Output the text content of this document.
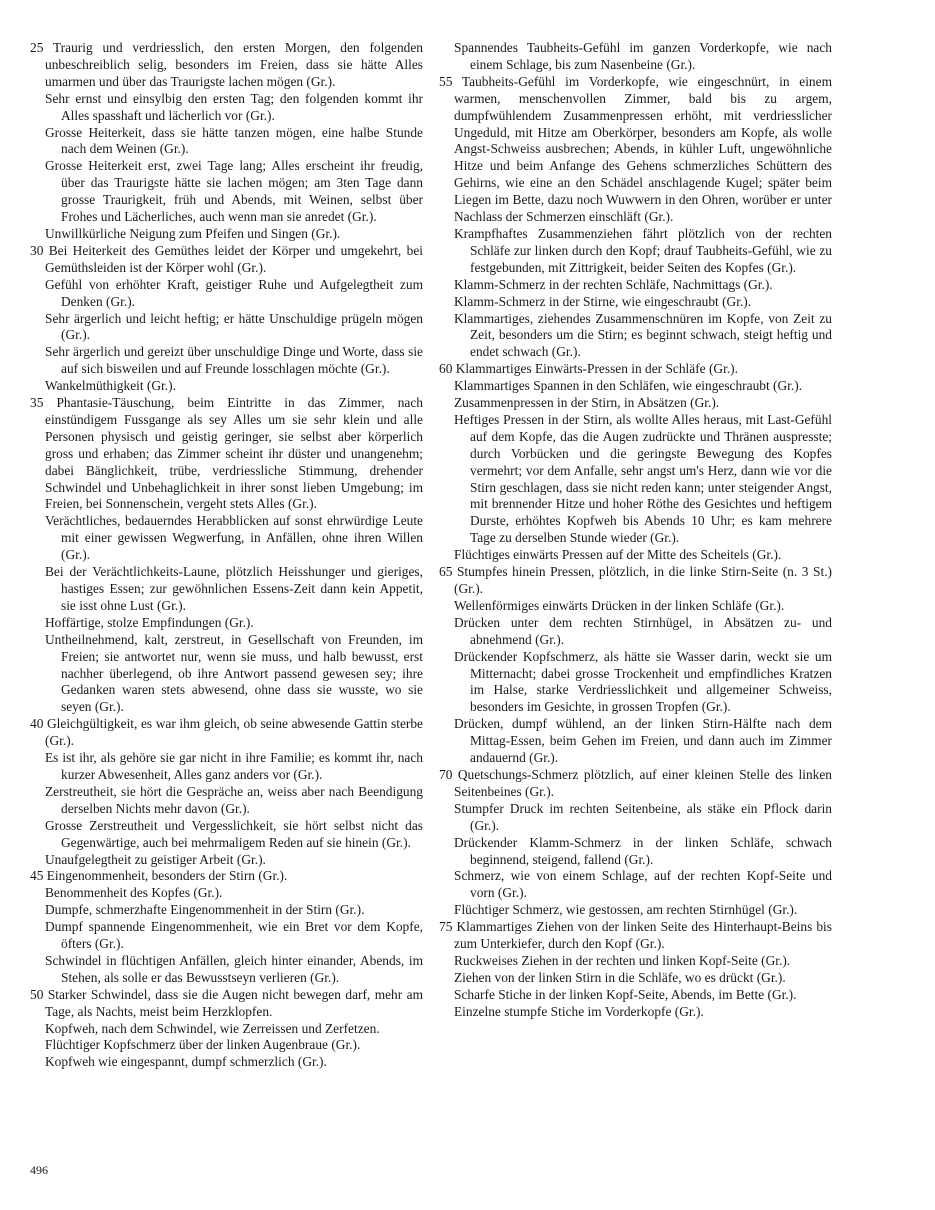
25 Traurig und verdriesslich, den ersten Morgen, den folgenden unbeschreiblich selig, besonders im Freien, dass sie hätte Alles umarmen und über das Traurigste lachen mögen (Gr.).

Sehr ernst und einsylbig den ersten Tag; den folgenden kommt ihr Alles spasshaft und lächerlich vor (Gr.).

Grosse Heiterkeit, dass sie hätte tanzen mögen, eine halbe Stunde nach dem Weinen (Gr.).

Grosse Heiterkeit erst, zwei Tage lang; Alles erscheint ihr freudig, über das Traurigste hätte sie lachen mögen; am 3ten Tage dann grosse Traurigkeit, früh und Abends, mit Weinen, selbst über Frohes und Lächerliches, auch wenn man sie anredet (Gr.).

Unwillkürliche Neigung zum Pfeifen und Singen (Gr.).

30 Bei Heiterkeit des Gemüthes leidet der Körper und umgekehrt, bei Gemüthsleiden ist der Körper wohl (Gr.).

Gefühl von erhöhter Kraft, geistiger Ruhe und Aufgelegtheit zum Denken (Gr.).

Sehr ärgerlich und leicht heftig; er hätte Unschuldige prügeln mögen (Gr.).

Sehr ärgerlich und gereizt über unschuldige Dinge und Worte, dass sie auf sich bisweilen und auf Freunde losschlagen möchte (Gr.).

Wankelmüthigkeit (Gr.).

35 Phantasie-Täuschung, beim Eintritte in das Zimmer, nach einstündigem Fussgange als sey Alles um sie sehr klein und alle Personen physisch und geistig geringer, sie selbst aber körperlich gross und erhaben; das Zimmer scheint ihr düster und unangenehm; dabei Bänglichkeit, trübe, verdriessliche Stimmung, drehender Schwindel und Unbehaglichkeit in ihrer sonst lieben Umgebung; im Freien, bei Sonnenschein, vergeht stets Alles (Gr.).

Verächtliches, bedauerndes Herabblicken auf sonst ehrwürdige Leute mit einer gewissen Wegwerfung, in Anfällen, ohne ihren Willen (Gr.).

Bei der Verächtlichkeits-Laune, plötzlich Heisshunger und gieriges, hastiges Essen; zur gewöhnlichen Essens-Zeit dann kein Appetit, sie isst ohne Lust (Gr.).

Hoffärtige, stolze Empfindungen (Gr.).

Untheilnehmend, kalt, zerstreut, in Gesellschaft von Freunden, im Freien; sie antwortet nur, wenn sie muss, und halb bewusst, erst nachher überlegend, ob ihre Antwort passend gewesen sey; ihre Gedanken waren stets abwesend, ohne dass sie wusste, wo sie seyen (Gr.).

40 Gleichgültigkeit, es war ihm gleich, ob seine abwesende Gattin sterbe (Gr.).

Es ist ihr, als gehöre sie gar nicht in ihre Familie; es kommt ihr, nach kurzer Abwesenheit, Alles ganz anders vor (Gr.).

Zerstreutheit, sie hört die Gespräche an, weiss aber nach Beendigung derselben Nichts mehr davon (Gr.).

Grosse Zerstreutheit und Vergesslichkeit, sie hört selbst nicht das Gegenwärtige, auch bei mehrmaligem Reden auf sie hinein (Gr.).

Unaufgelegtheit zu geistiger Arbeit (Gr.).

45 Eingenommenheit, besonders der Stirn (Gr.).

Benommenheit des Kopfes (Gr.).

Dumpfe, schmerzhafte Eingenommenheit in der Stirn (Gr.).

Dumpf spannende Eingenommenheit, wie ein Bret vor dem Kopfe, öfters (Gr.).

Schwindel in flüchtigen Anfällen, gleich hinter einander, Abends, im Stehen, als solle er das Bewusstseyn verlieren (Gr.).

50 Starker Schwindel, dass sie die Augen nicht bewegen darf, mehr am Tage, als Nachts, meist beim Herzklopfen.

Kopfweh, nach dem Schwindel, wie Zerreissen und Zerfetzen.

Flüchtiger Kopfschmerz über der linken Augenbraue (Gr.).

Kopfweh wie eingespannt, dumpf schmerzlich (Gr.).

Spannendes Taubheits-Gefühl im ganzen Vorderkopfe, wie nach einem Schlage, bis zum Nasenbeine (Gr.).

55 Taubheits-Gefühl im Vorderkopfe, wie eingeschnürt, in einem warmen, menschenvollen Zimmer, bald bis zu argem, dumpfwühlendem Zusammenpressen erhöht, mit verdriesslicher Ungeduld, mit Hitze am Oberkörper, besonders am Kopfe, als wolle Angst-Schweiss ausbrechen; Abends, in kühler Luft, ungewöhnliche Hitze und beim Anfange des Gehens schmerzliches Schüttern des Gehirns, wie eine an den Schädel anschlagende Kugel; später beim Liegen im Bette, dazu noch Wuwwern in den Ohren, worüber er unter Nachlass der Schmerzen einschläft (Gr.).

Krampfhaftes Zusammenziehen fährt plötzlich von der rechten Schläfe zur linken durch den Kopf; drauf Taubheits-Gefühl, wie zu festgebunden, mit Zittrigkeit, beider Seiten des Kopfes (Gr.).

Klamm-Schmerz in der rechten Schläfe, Nachmittags (Gr.).

Klamm-Schmerz in der Stirne, wie eingeschraubt (Gr.).

Klammartiges, ziehendes Zusammenschnüren im Kopfe, von Zeit zu Zeit, besonders um die Stirn; es beginnt schwach, steigt heftig und endet schwach (Gr.).

60 Klammartiges Einwärts-Pressen in der Schläfe (Gr.).

Klammartiges Spannen in den Schläfen, wie eingeschraubt (Gr.).

Zusammenpressen in der Stirn, in Absätzen (Gr.).

Heftiges Pressen in der Stirn, als wollte Alles heraus, mit Last-Gefühl auf dem Kopfe, das die Augen zudrückte und Thränen auspresste; durch Vorbücken und die geringste Bewegung des Kopfes vermehrt; vor dem Anfalle, sehr angst um's Herz, dann wie vor die Stirn geschlagen, dass sie nicht reden kann; unter steigender Angst, mit brennender Hitze und hoher Röthe des Gesichtes und heftigem Durste, erhöhtes Kopfweh bis Abends 10 Uhr; es kam mehrere Tage zu derselben Stunde wieder (Gr.).

Flüchtiges einwärts Pressen auf der Mitte des Scheitels (Gr.).

65 Stumpfes hinein Pressen, plötzlich, in die linke Stirn-Seite (n. 3 St.) (Gr.).

Wellenförmiges einwärts Drücken in der linken Schläfe (Gr.).

Drücken unter dem rechten Stirnhügel, in Absätzen zu- und abnehmend (Gr.).

Drückender Kopfschmerz, als hätte sie Wasser darin, weckt sie um Mitternacht; dabei grosse Trockenheit und empfindliches Kratzen im Halse, starke Verdriesslichkeit und allgemeiner Schweiss, besonders im Gesichte, in grossen Tropfen (Gr.).

Drücken, dumpf wühlend, an der linken Stirn-Hälfte nach dem Mittag-Essen, beim Gehen im Freien, und dann auch im Zimmer andauernd (Gr.).

70 Quetschungs-Schmerz plötzlich, auf einer kleinen Stelle des linken Seitenbeines (Gr.).

Stumpfer Druck im rechten Seitenbeine, als stäke ein Pflock darin (Gr.).

Drückender Klamm-Schmerz in der linken Schläfe, schwach beginnend, steigend, fallend (Gr.).

Schmerz, wie von einem Schlage, auf der rechten Kopf-Seite und vorn (Gr.).

Flüchtiger Schmerz, wie gestossen, am rechten Stirnhügel (Gr.).

75 Klammartiges Ziehen von der linken Seite des Hinterhaupt-Beins bis zum Unterkiefer, durch den Kopf (Gr.).

Ruckweises Ziehen in der rechten und linken Kopf-Seite (Gr.).

Ziehen von der linken Stirn in die Schläfe, wo es drückt (Gr.).

Scharfe Stiche in der linken Kopf-Seite, Abends, im Bette (Gr.).

Einzelne stumpfe Stiche im Vorderkopfe (Gr.).

496
